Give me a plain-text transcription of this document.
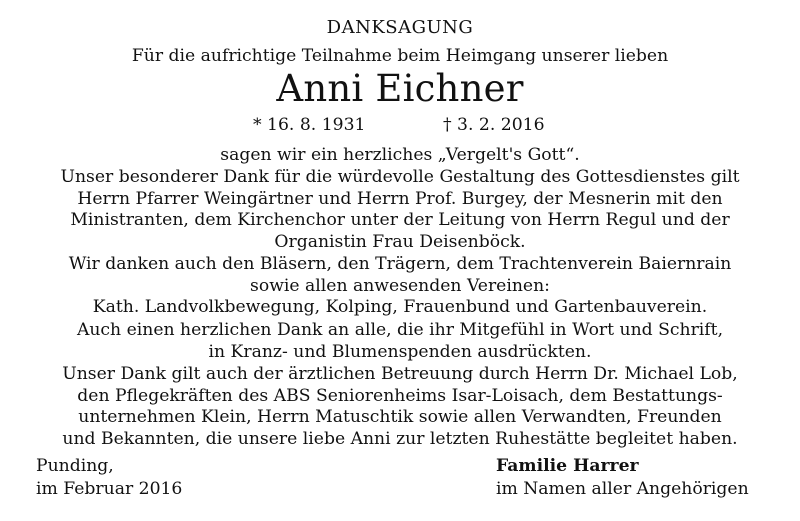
DANKSAGUNG
Für die aufrichtige Teilnahme beim Heimgang unserer lieben
Anni Eichner
* 16. 8. 1931	† 3. 2. 2016
sagen wir ein herzliches „Vergelt's Gott“.
Unser besonderer Dank für die würdevolle Gestaltung des Gottesdienstes gilt
Herrn Pfarrer Weingärtner und Herrn Prof. Burgey, der Mesnerin mit den
Ministranten, dem Kirchenchor unter der Leitung von Herrn Regul und der
Organistin Frau Deisenböck.
Wir danken auch den Bläsern, den Trägern, dem Trachtenverein Baiernrain
sowie allen anwesenden Vereinen:
Kath. Landvolkbewegung, Kolping, Frauenbund und Gartenbauverein.
Auch einen herzlichen Dank an alle, die ihr Mitgefühl in Wort und Schrift,
in Kranz- und Blumenspenden ausdrückten.
Unser Dank gilt auch der ärztlichen Betreuung durch Herrn Dr. Michael Lob,
den Pflegekräften des ABS Seniorenheims Isar-Loisach, dem Bestattungs-
unternehmen Klein, Herrn Matuschtik sowie allen Verwandten, Freunden
und Bekannten, die unsere liebe Anni zur letzten Ruhestätte begleitet haben.
Punding,
im Februar 2016
Familie Harrer
im Namen aller Angehörigen
